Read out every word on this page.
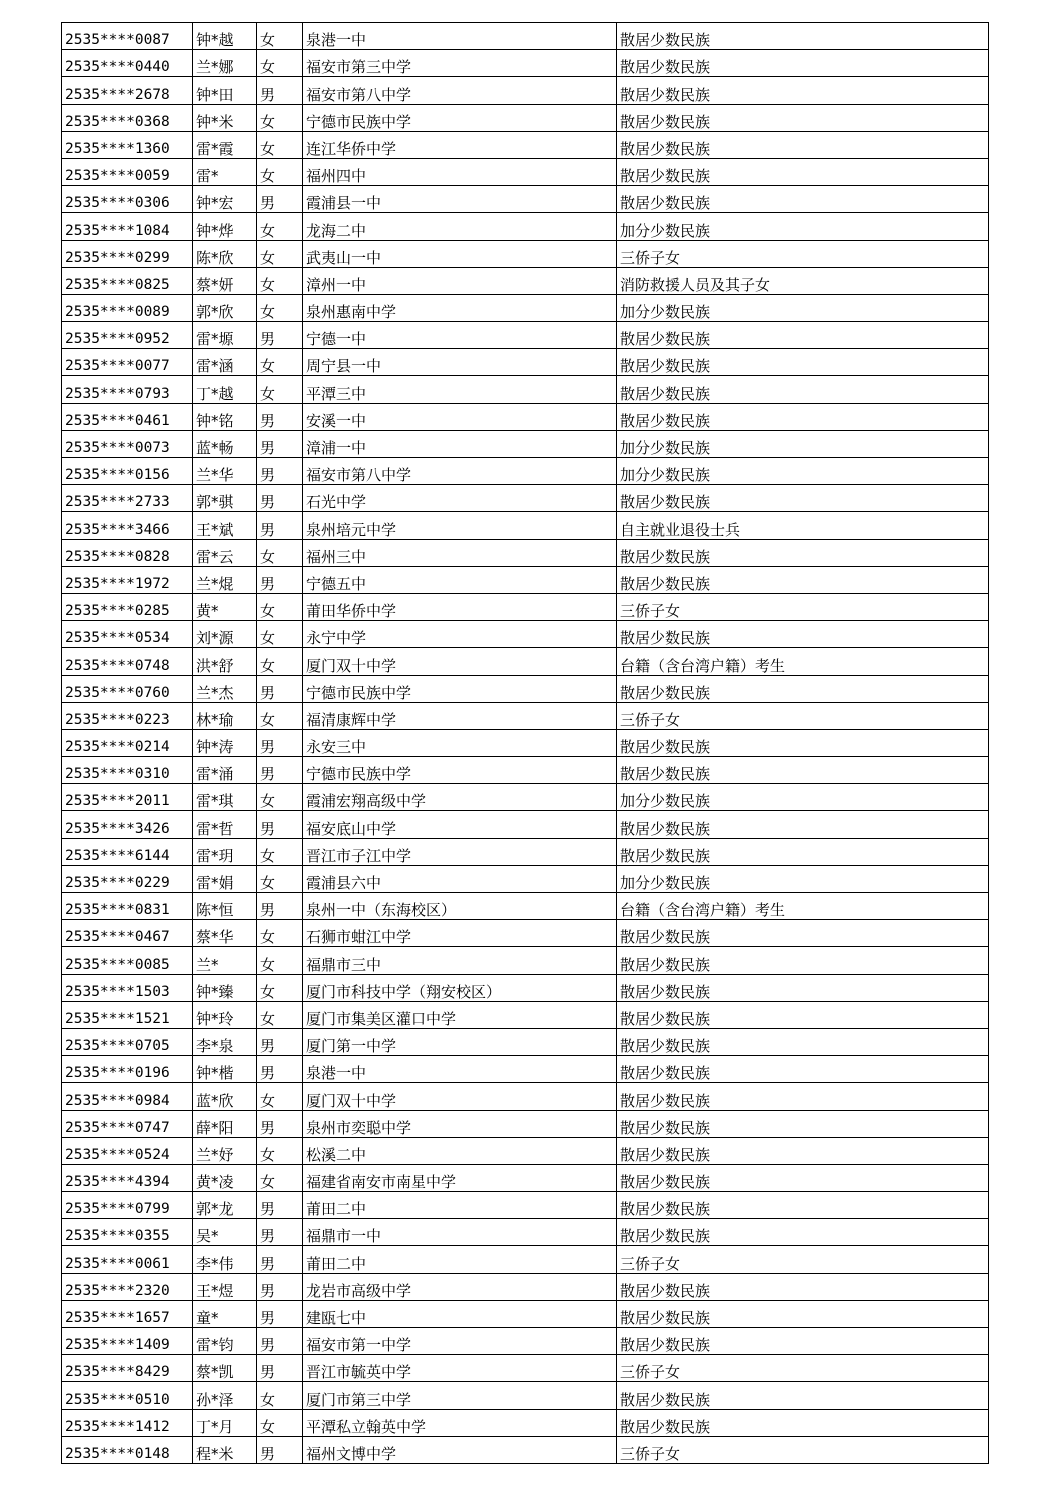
2535****0087	钟*越	女	泉港一中	散居少数民族
2535****0440	兰*娜	女	福安市第三中学	散居少数民族
2535****2678	钟*田	男	福安市第八中学	散居少数民族
2535****0368	钟*米	女	宁德市民族中学	散居少数民族
2535****1360	雷*霞	女	连江华侨中学	散居少数民族
2535****0059	雷*	女	福州四中	散居少数民族
2535****0306	钟*宏	男	霞浦县一中	散居少数民族
2535****1084	钟*烨	女	龙海二中	加分少数民族
2535****0299	陈*欣	女	武夷山一中	三侨子女
2535****0825	蔡*妍	女	漳州一中	消防救援人员及其子女
2535****0089	郭*欣	女	泉州惠南中学	加分少数民族
2535****0952	雷*塬	男	宁德一中	散居少数民族
2535****0077	雷*涵	女	周宁县一中	散居少数民族
2535****0793	丁*越	女	平潭三中	散居少数民族
2535****0461	钟*铭	男	安溪一中	散居少数民族
2535****0073	蓝*畅	男	漳浦一中	加分少数民族
2535****0156	兰*华	男	福安市第八中学	加分少数民族
2535****2733	郭*骐	男	石光中学	散居少数民族
2535****3466	王*斌	男	泉州培元中学	自主就业退役士兵
2535****0828	雷*云	女	福州三中	散居少数民族
2535****1972	兰*焜	男	宁德五中	散居少数民族
2535****0285	黄*	女	莆田华侨中学	三侨子女
2535****0534	刘*源	女	永宁中学	散居少数民族
2535****0748	洪*舒	女	厦门双十中学	台籍（含台湾户籍）考生
2535****0760	兰*杰	男	宁德市民族中学	散居少数民族
2535****0223	林*瑜	女	福清康辉中学	三侨子女
2535****0214	钟*涛	男	永安三中	散居少数民族
2535****0310	雷*涌	男	宁德市民族中学	散居少数民族
2535****2011	雷*琪	女	霞浦宏翔高级中学	加分少数民族
2535****3426	雷*哲	男	福安底山中学	散居少数民族
2535****6144	雷*玥	女	晋江市子江中学	散居少数民族
2535****0229	雷*娟	女	霞浦县六中	加分少数民族
2535****0831	陈*恒	男	泉州一中（东海校区）	台籍（含台湾户籍）考生
2535****0467	蔡*华	女	石狮市蚶江中学	散居少数民族
2535****0085	兰*	女	福鼎市三中	散居少数民族
2535****1503	钟*臻	女	厦门市科技中学（翔安校区）	散居少数民族
2535****1521	钟*玲	女	厦门市集美区灌口中学	散居少数民族
2535****0705	李*泉	男	厦门第一中学	散居少数民族
2535****0196	钟*楷	男	泉港一中	散居少数民族
2535****0984	蓝*欣	女	厦门双十中学	散居少数民族
2535****0747	薛*阳	男	泉州市奕聪中学	散居少数民族
2535****0524	兰*妤	女	松溪二中	散居少数民族
2535****4394	黄*凌	女	福建省南安市南星中学	散居少数民族
2535****0799	郭*龙	男	莆田二中	散居少数民族
2535****0355	吴*	男	福鼎市一中	散居少数民族
2535****0061	李*伟	男	莆田二中	三侨子女
2535****2320	王*煜	男	龙岩市高级中学	散居少数民族
2535****1657	童*	男	建瓯七中	散居少数民族
2535****1409	雷*钧	男	福安市第一中学	散居少数民族
2535****8429	蔡*凯	男	晋江市毓英中学	三侨子女
2535****0510	孙*泽	女	厦门市第三中学	散居少数民族
2535****1412	丁*月	女	平潭私立翰英中学	散居少数民族
2535****0148	程*米	男	福州文博中学	三侨子女
